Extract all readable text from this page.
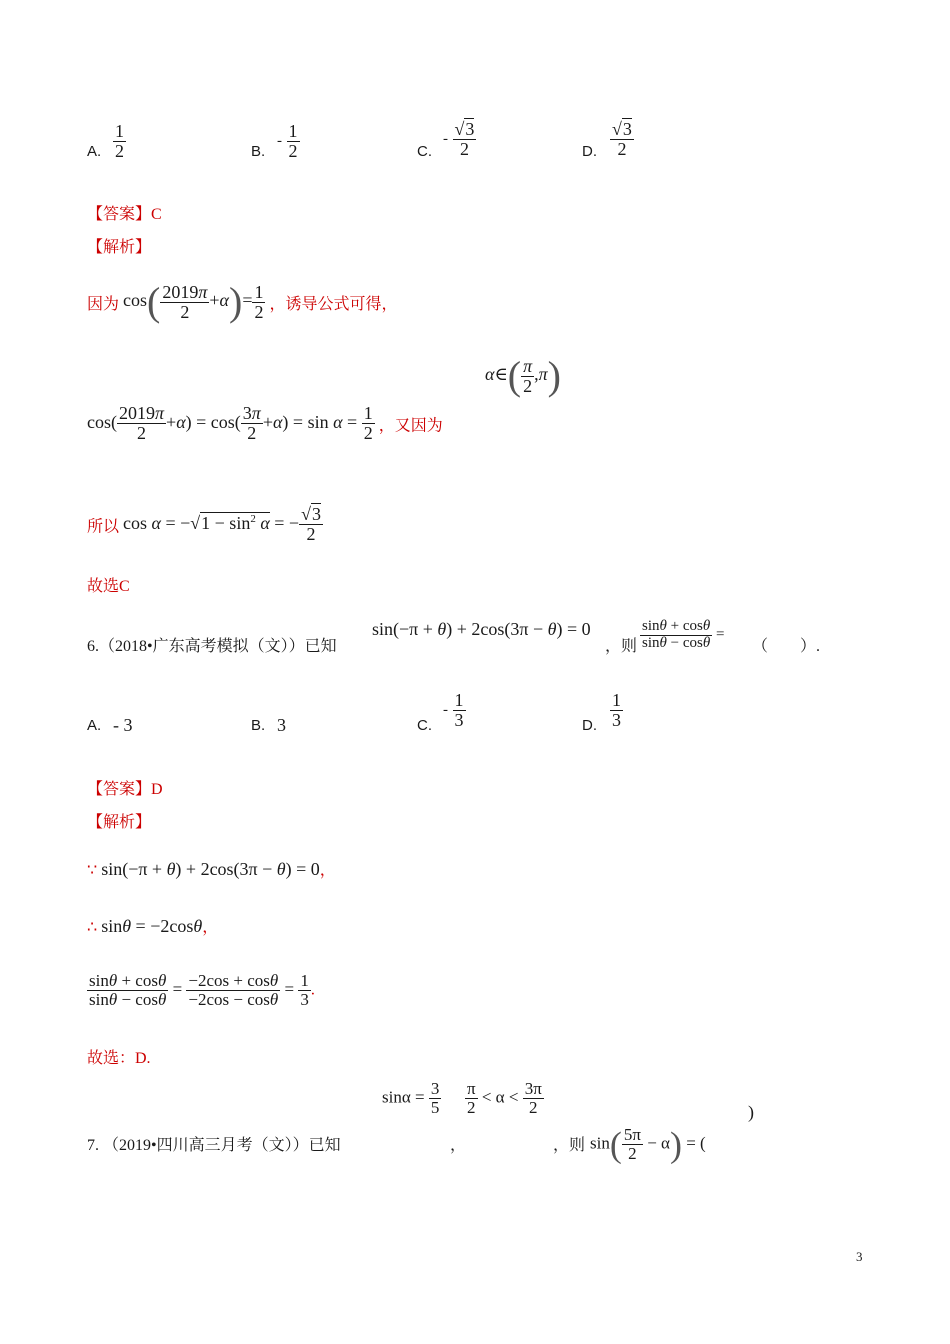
A. $\frac{1}{2}$	B.
- $\frac{1}{2}$	C.
- $\frac{√3}{2}$	D. $\frac{√3}{2}$
【答案】C
【解析】
因为 $\cos( \frac{2019\pi}{2} +\alpha)= \frac{1}{2}$ ，诱导公式可得，
α∈( $\frac{\pi}{2} ,\pi$)
$\cos( \frac{2019\pi}{2} +\alpha) = \cos( \frac{3\pi}{2} +\alpha) = \sin \alpha = \frac{1}{2}$ ，又因为
所以 $\cos \alpha = -√1 - \sin^2 \alpha$ = − $\frac{√3}{2}$
故选C
6.（2018•广东高考模拟（文））已知
sin(−π + θ) + 2cos(3π − θ) = 0
，则 $\frac{\sin\theta + \cos\theta}{\sin\theta - \cos\theta}$ =
（　　）.
A. - 3	B. 3	C.
- $\frac{1}{3}$	D. $\frac{1}{3}$
【答案】D
【解析】
∵ sin(−π + θ) + 2cos(3π − θ) = 0，
∴ sinθ = −2cosθ，
$\frac{\sin\theta + \cos\theta}{\sin\theta - \cos\theta} = \frac{-2\cos + \cos\theta}{-2\cos - \cos\theta} = \frac{1}{3}$ .
故选：D.
$\sin\alpha = \frac{3}{5} \frac{\pi}{2} < \alpha < \frac{3\pi}{2}$	)
7. （2019•四川高三月考（文））已知	，	，则 $\sin( \frac{5\pi}{2} - \alpha)$ = (
3
